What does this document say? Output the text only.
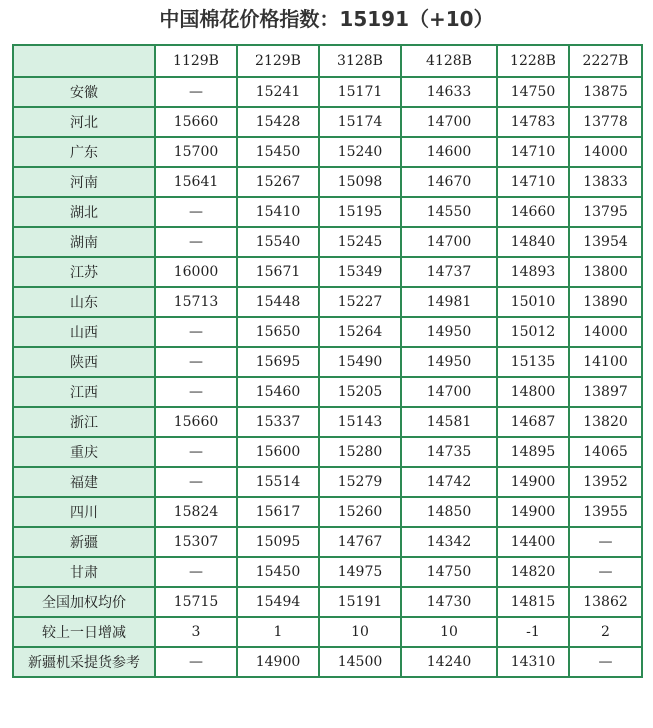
中国棉花价格指数：15191（+10）
	1129B	2129B	3128B	4128B	1228B	2227B
安徽	—	15241	15171	14633	14750	13875
河北	15660	15428	15174	14700	14783	13778
广东	15700	15450	15240	14600	14710	14000
河南	15641	15267	15098	14670	14710	13833
湖北	—	15410	15195	14550	14660	13795
湖南	—	15540	15245	14700	14840	13954
江苏	16000	15671	15349	14737	14893	13800
山东	15713	15448	15227	14981	15010	13890
山西	—	15650	15264	14950	15012	14000
陕西	—	15695	15490	14950	15135	14100
江西	—	15460	15205	14700	14800	13897
浙江	15660	15337	15143	14581	14687	13820
重庆	—	15600	15280	14735	14895	14065
福建	—	15514	15279	14742	14900	13952
四川	15824	15617	15260	14850	14900	13955
新疆	15307	15095	14767	14342	14400	—
甘肃	—	15450	14975	14750	14820	—
全国加权均价	15715	15494	15191	14730	14815	13862
较上一日增减	3	1	10	10	-1	2
新疆机采提货参考	—	14900	14500	14240	14310	—
